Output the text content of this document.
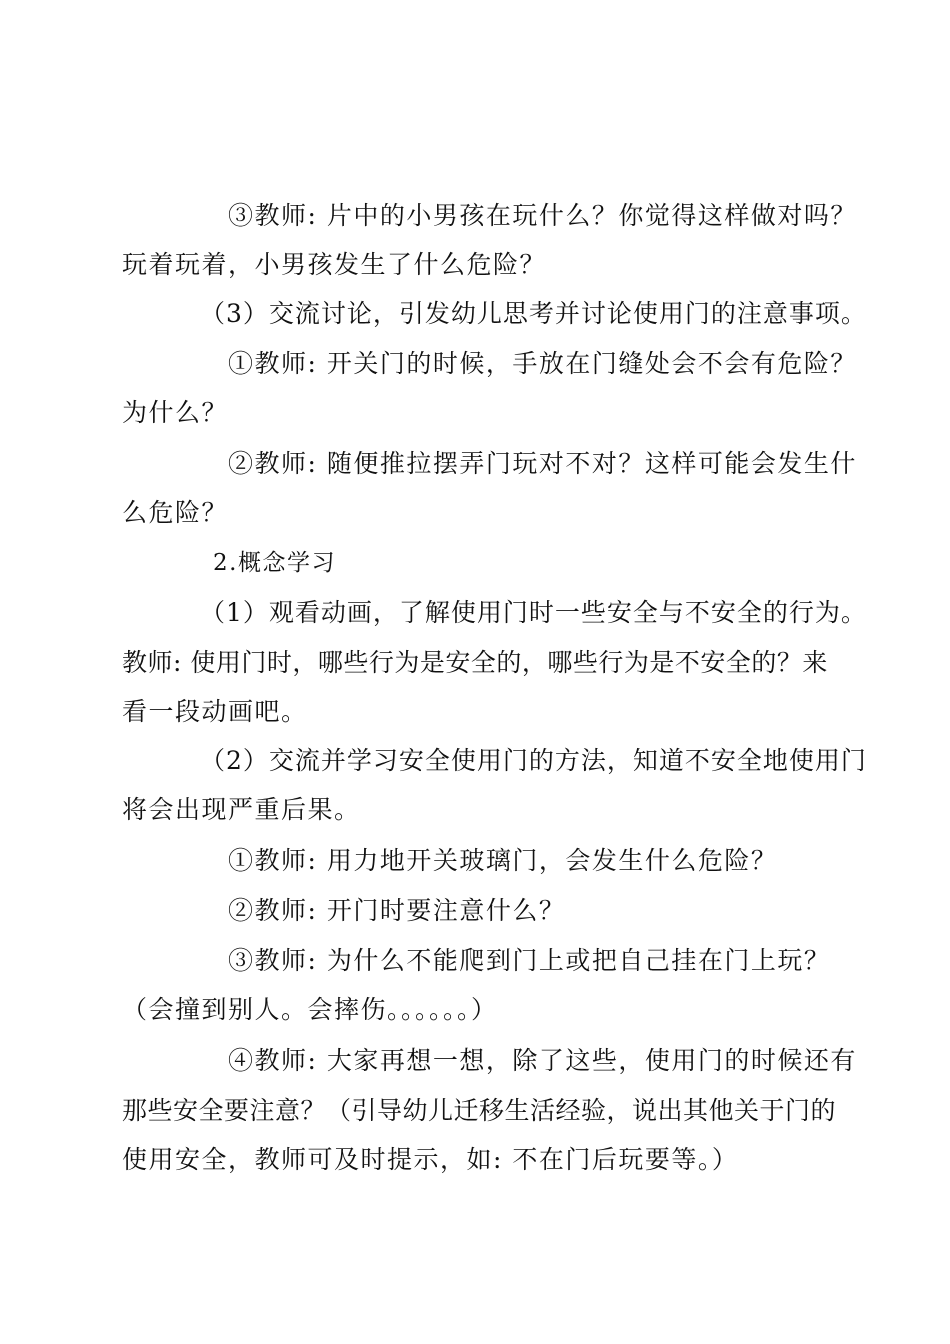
③教师: 片中的小男孩在玩什么？你觉得这样做对吗？
玩着玩着，小男孩发生了什么危险？
（3）交流讨论，引发幼儿思考并讨论使用门的注意事项。
①教师: 开关门的时候，手放在门缝处会不会有危险？
为什么？
②教师: 随便推拉摆弄门玩对不对？这样可能会发生什
么危险？
2.概念学习
（1）观看动画，了解使用门时一些安全与不安全的行为。
教师: 使用门时，哪些行为是安全的，哪些行为是不安全的？来
看一段动画吧。
（2）交流并学习安全使用门的方法，知道不安全地使用门
将会出现严重后果。
①教师: 用力地开关玻璃门，会发生什么危险？
②教师: 开门时要注意什么？
③教师: 为什么不能爬到门上或把自己挂在门上玩？
（会撞到别人。会摔伤。。。。。。）
④教师: 大家再想一想，除了这些，使用门的时候还有
那些安全要注意？（引导幼儿迁移生活经验，说出其他关于门的
使用安全，教师可及时提示，如: 不在门后玩要等。）
